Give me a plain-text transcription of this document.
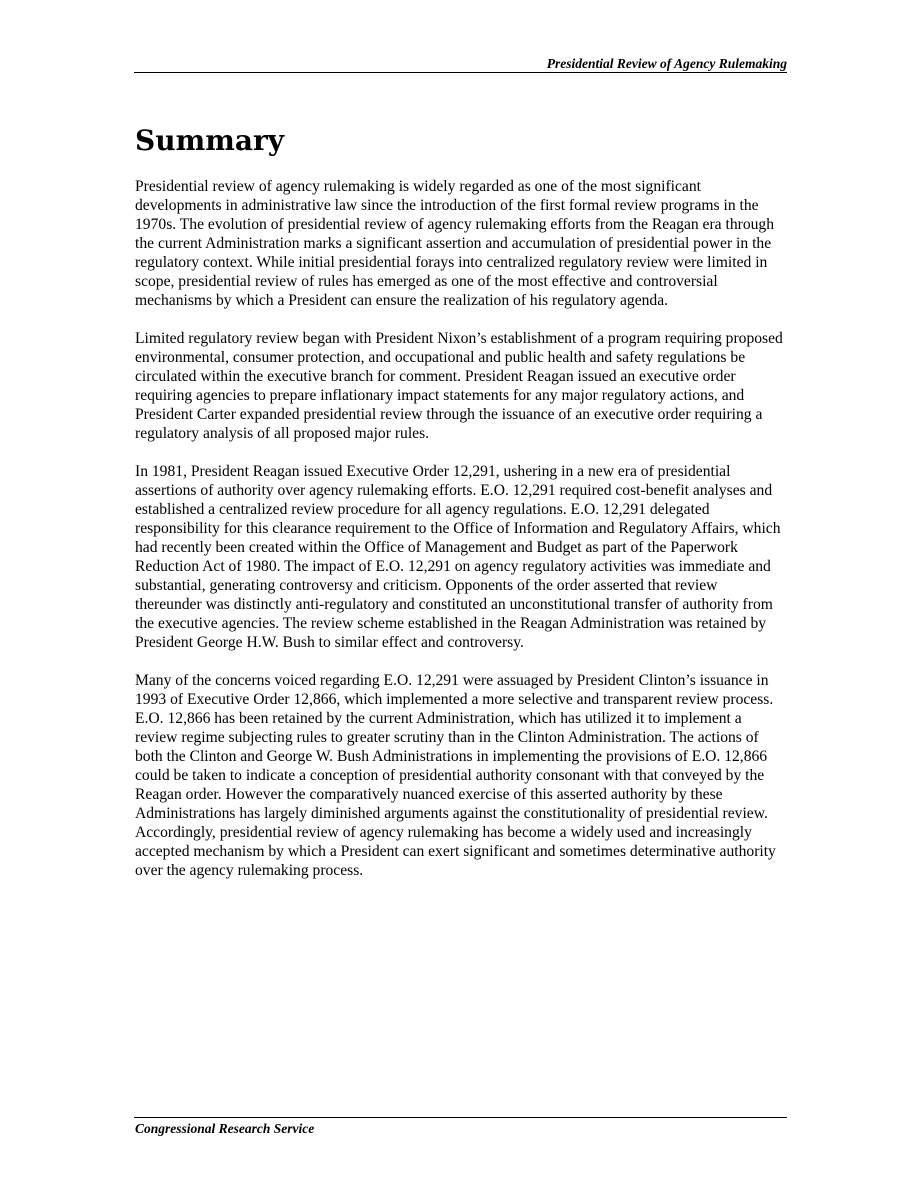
Presidential Review of Agency Rulemaking
Summary

Presidential review of agency rulemaking is widely regarded as one of the most significant developments in administrative law since the introduction of the first formal review programs in the 1970s. The evolution of presidential review of agency rulemaking efforts from the Reagan era through the current Administration marks a significant assertion and accumulation of presidential power in the regulatory context. While initial presidential forays into centralized regulatory review were limited in scope, presidential review of rules has emerged as one of the most effective and controversial mechanisms by which a President can ensure the realization of his regulatory agenda.

Limited regulatory review began with President Nixon’s establishment of a program requiring proposed environmental, consumer protection, and occupational and public health and safety regulations be circulated within the executive branch for comment. President Reagan issued an executive order requiring agencies to prepare inflationary impact statements for any major regulatory actions, and President Carter expanded presidential review through the issuance of an executive order requiring a regulatory analysis of all proposed major rules.

In 1981, President Reagan issued Executive Order 12,291, ushering in a new era of presidential assertions of authority over agency rulemaking efforts. E.O. 12,291 required cost-benefit analyses and established a centralized review procedure for all agency regulations. E.O. 12,291 delegated responsibility for this clearance requirement to the Office of Information and Regulatory Affairs, which had recently been created within the Office of Management and Budget as part of the Paperwork Reduction Act of 1980. The impact of E.O. 12,291 on agency regulatory activities was immediate and substantial, generating controversy and criticism. Opponents of the order asserted that review thereunder was distinctly anti-regulatory and constituted an unconstitutional transfer of authority from the executive agencies. The review scheme established in the Reagan Administration was retained by President George H.W. Bush to similar effect and controversy.

Many of the concerns voiced regarding E.O. 12,291 were assuaged by President Clinton’s issuance in 1993 of Executive Order 12,866, which implemented a more selective and transparent review process. E.O. 12,866 has been retained by the current Administration, which has utilized it to implement a review regime subjecting rules to greater scrutiny than in the Clinton Administration. The actions of both the Clinton and George W. Bush Administrations in implementing the provisions of E.O. 12,866 could be taken to indicate a conception of presidential authority consonant with that conveyed by the Reagan order. However the comparatively nuanced exercise of this asserted authority by these Administrations has largely diminished arguments against the constitutionality of presidential review. Accordingly, presidential review of agency rulemaking has become a widely used and increasingly accepted mechanism by which a President can exert significant and sometimes determinative authority over the agency rulemaking process.

Congressional Research Service
